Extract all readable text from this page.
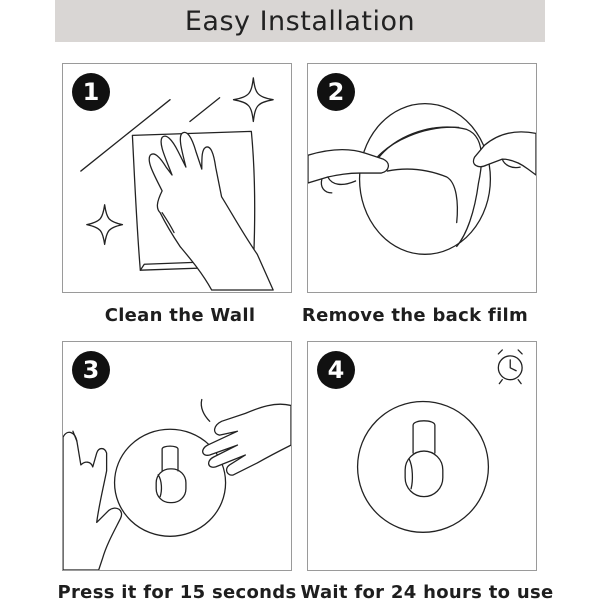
Easy Installation
1
Clean the Wall
2
Remove the back film
3
Press it for 15 seconds
4
Wait for 24 hours to use
